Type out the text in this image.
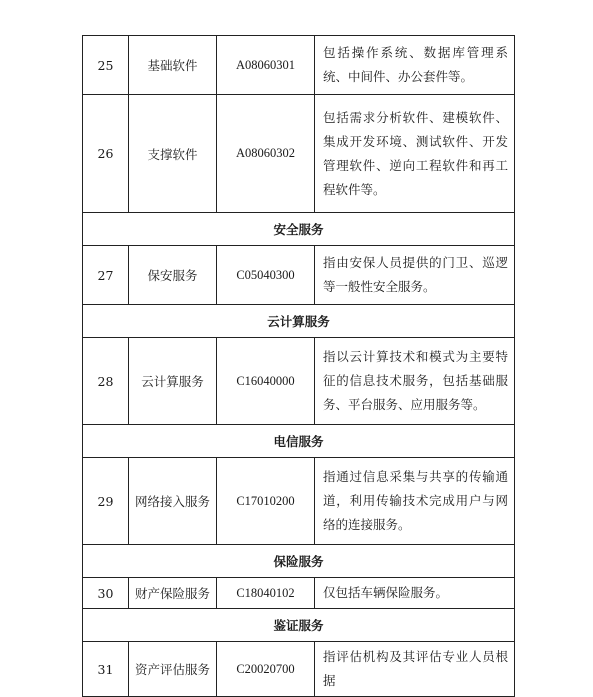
25	基础软件	A08060301	包括操作系统、数据库管理系统、中间件、办公套件等。
26	支撑软件	A08060302	包括需求分析软件、建模软件、集成开发环境、测试软件、开发管理软件、逆向工程软件和再工程软件等。
安全服务			
27	保安服务	C05040300	指由安保人员提供的门卫、巡逻等一般性安全服务。
云计算服务			
28	云计算服务	C16040000	指以云计算技术和模式为主要特征的信息技术服务，包括基础服务、平台服务、应用服务等。
电信服务			
29	网络接入服务	C17010200	指通过信息采集与共享的传输通道，利用传输技术完成用户与网络的连接服务。
保险服务			
30	财产保险服务	C18040102	仅包括车辆保险服务。
鉴证服务			
31	资产评估服务	C20020700	指评估机构及其评估专业人员根据
